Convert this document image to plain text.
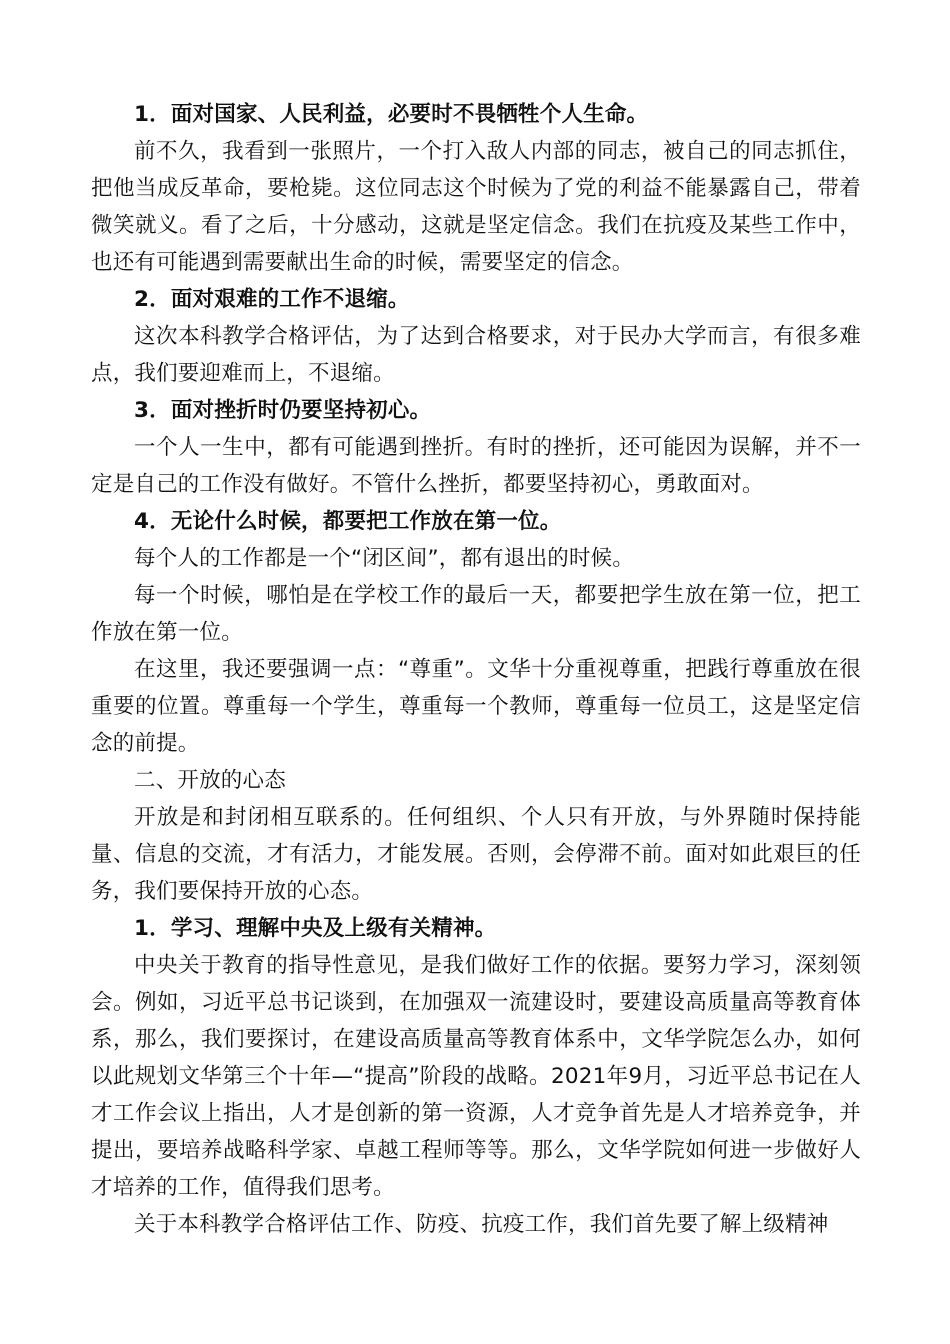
1．面对国家、人民利益，必要时不畏牺牲个人生命。

前不久，我看到一张照片，一个打入敌人内部的同志，被自己的同志抓住，把他当成反革命，要枪毙。这位同志这个时候为了党的利益不能暴露自己，带着微笑就义。看了之后，十分感动，这就是坚定信念。我们在抗疫及某些工作中，也还有可能遇到需要献出生命的时候，需要坚定的信念。

2．面对艰难的工作不退缩。

这次本科教学合格评估，为了达到合格要求，对于民办大学而言，有很多难点，我们要迎难而上，不退缩。

3．面对挫折时仍要坚持初心。

一个人一生中，都有可能遇到挫折。有时的挫折，还可能因为误解，并不一定是自己的工作没有做好。不管什么挫折，都要坚持初心，勇敢面对。

4．无论什么时候，都要把工作放在第一位。

每个人的工作都是一个“闭区间”，都有退出的时候。

每一个时候，哪怕是在学校工作的最后一天，都要把学生放在第一位，把工作放在第一位。

在这里，我还要强调一点：“尊重”。文华十分重视尊重，把践行尊重放在很重要的位置。尊重每一个学生，尊重每一个教师，尊重每一位员工，这是坚定信念的前提。

二、开放的心态

开放是和封闭相互联系的。任何组织、个人只有开放，与外界随时保持能量、信息的交流，才有活力，才能发展。否则，会停滞不前。面对如此艰巨的任务，我们要保持开放的心态。

1．学习、理解中央及上级有关精神。

中央关于教育的指导性意见，是我们做好工作的依据。要努力学习，深刻领会。例如，习近平总书记谈到，在加强双一流建设时，要建设高质量高等教育体系，那么，我们要探讨，在建设高质量高等教育体系中，文华学院怎么办，如何以此规划文华第三个十年—“提高”阶段的战略。2021年9月，习近平总书记在人才工作会议上指出，人才是创新的第一资源，人才竞争首先是人才培养竞争，并提出，要培养战略科学家、卓越工程师等等。那么，文华学院如何进一步做好人才培养的工作，值得我们思考。

关于本科教学合格评估工作、防疫、抗疫工作，我们首先要了解上级精神
